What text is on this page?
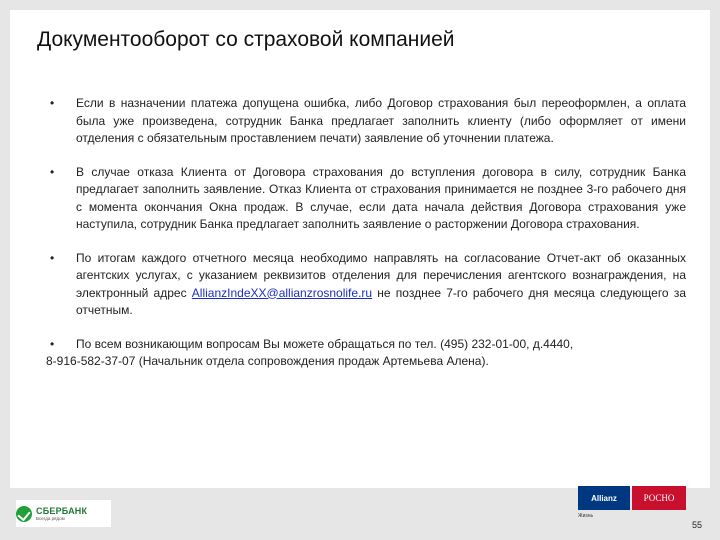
Документооборот со страховой компанией
• Если в назначении платежа допущена ошибка, либо Договор страхования был переоформлен, а оплата была уже произведена, сотрудник Банка предлагает заполнить клиенту (либо оформляет от имени отделения с обязательным проставлением печати) заявление об уточнении платежа.
• В случае отказа Клиента от Договора страхования до вступления договора в силу, сотрудник Банка предлагает заполнить заявление. Отказ Клиента от страхования принимается не позднее 3-го рабочего дня с момента окончания Окна продаж. В случае, если дата начала действия Договора страхования уже наступила, сотрудник Банка предлагает заполнить заявление о расторжении Договора страхования.
• По итогам каждого отчетного месяца необходимо направлять на согласование Отчет-акт об оказанных агентских услугах, с указанием реквизитов отделения для перечисления агентского вознаграждения, на электронный адрес AllianzIndeXX@allianzrosnolife.ru не позднее 7-го рабочего дня месяца следующего за отчетным.
• По всем возникающим вопросам Вы можете обращаться по тел. (495) 232-01-00, д.4440,
8-916-582-37-07 (Начальник отдела сопровождения продаж Артемьева Алена).
СБЕРБАНК
Всегда рядом
Allianz	РОСНО
Жизнь
55
